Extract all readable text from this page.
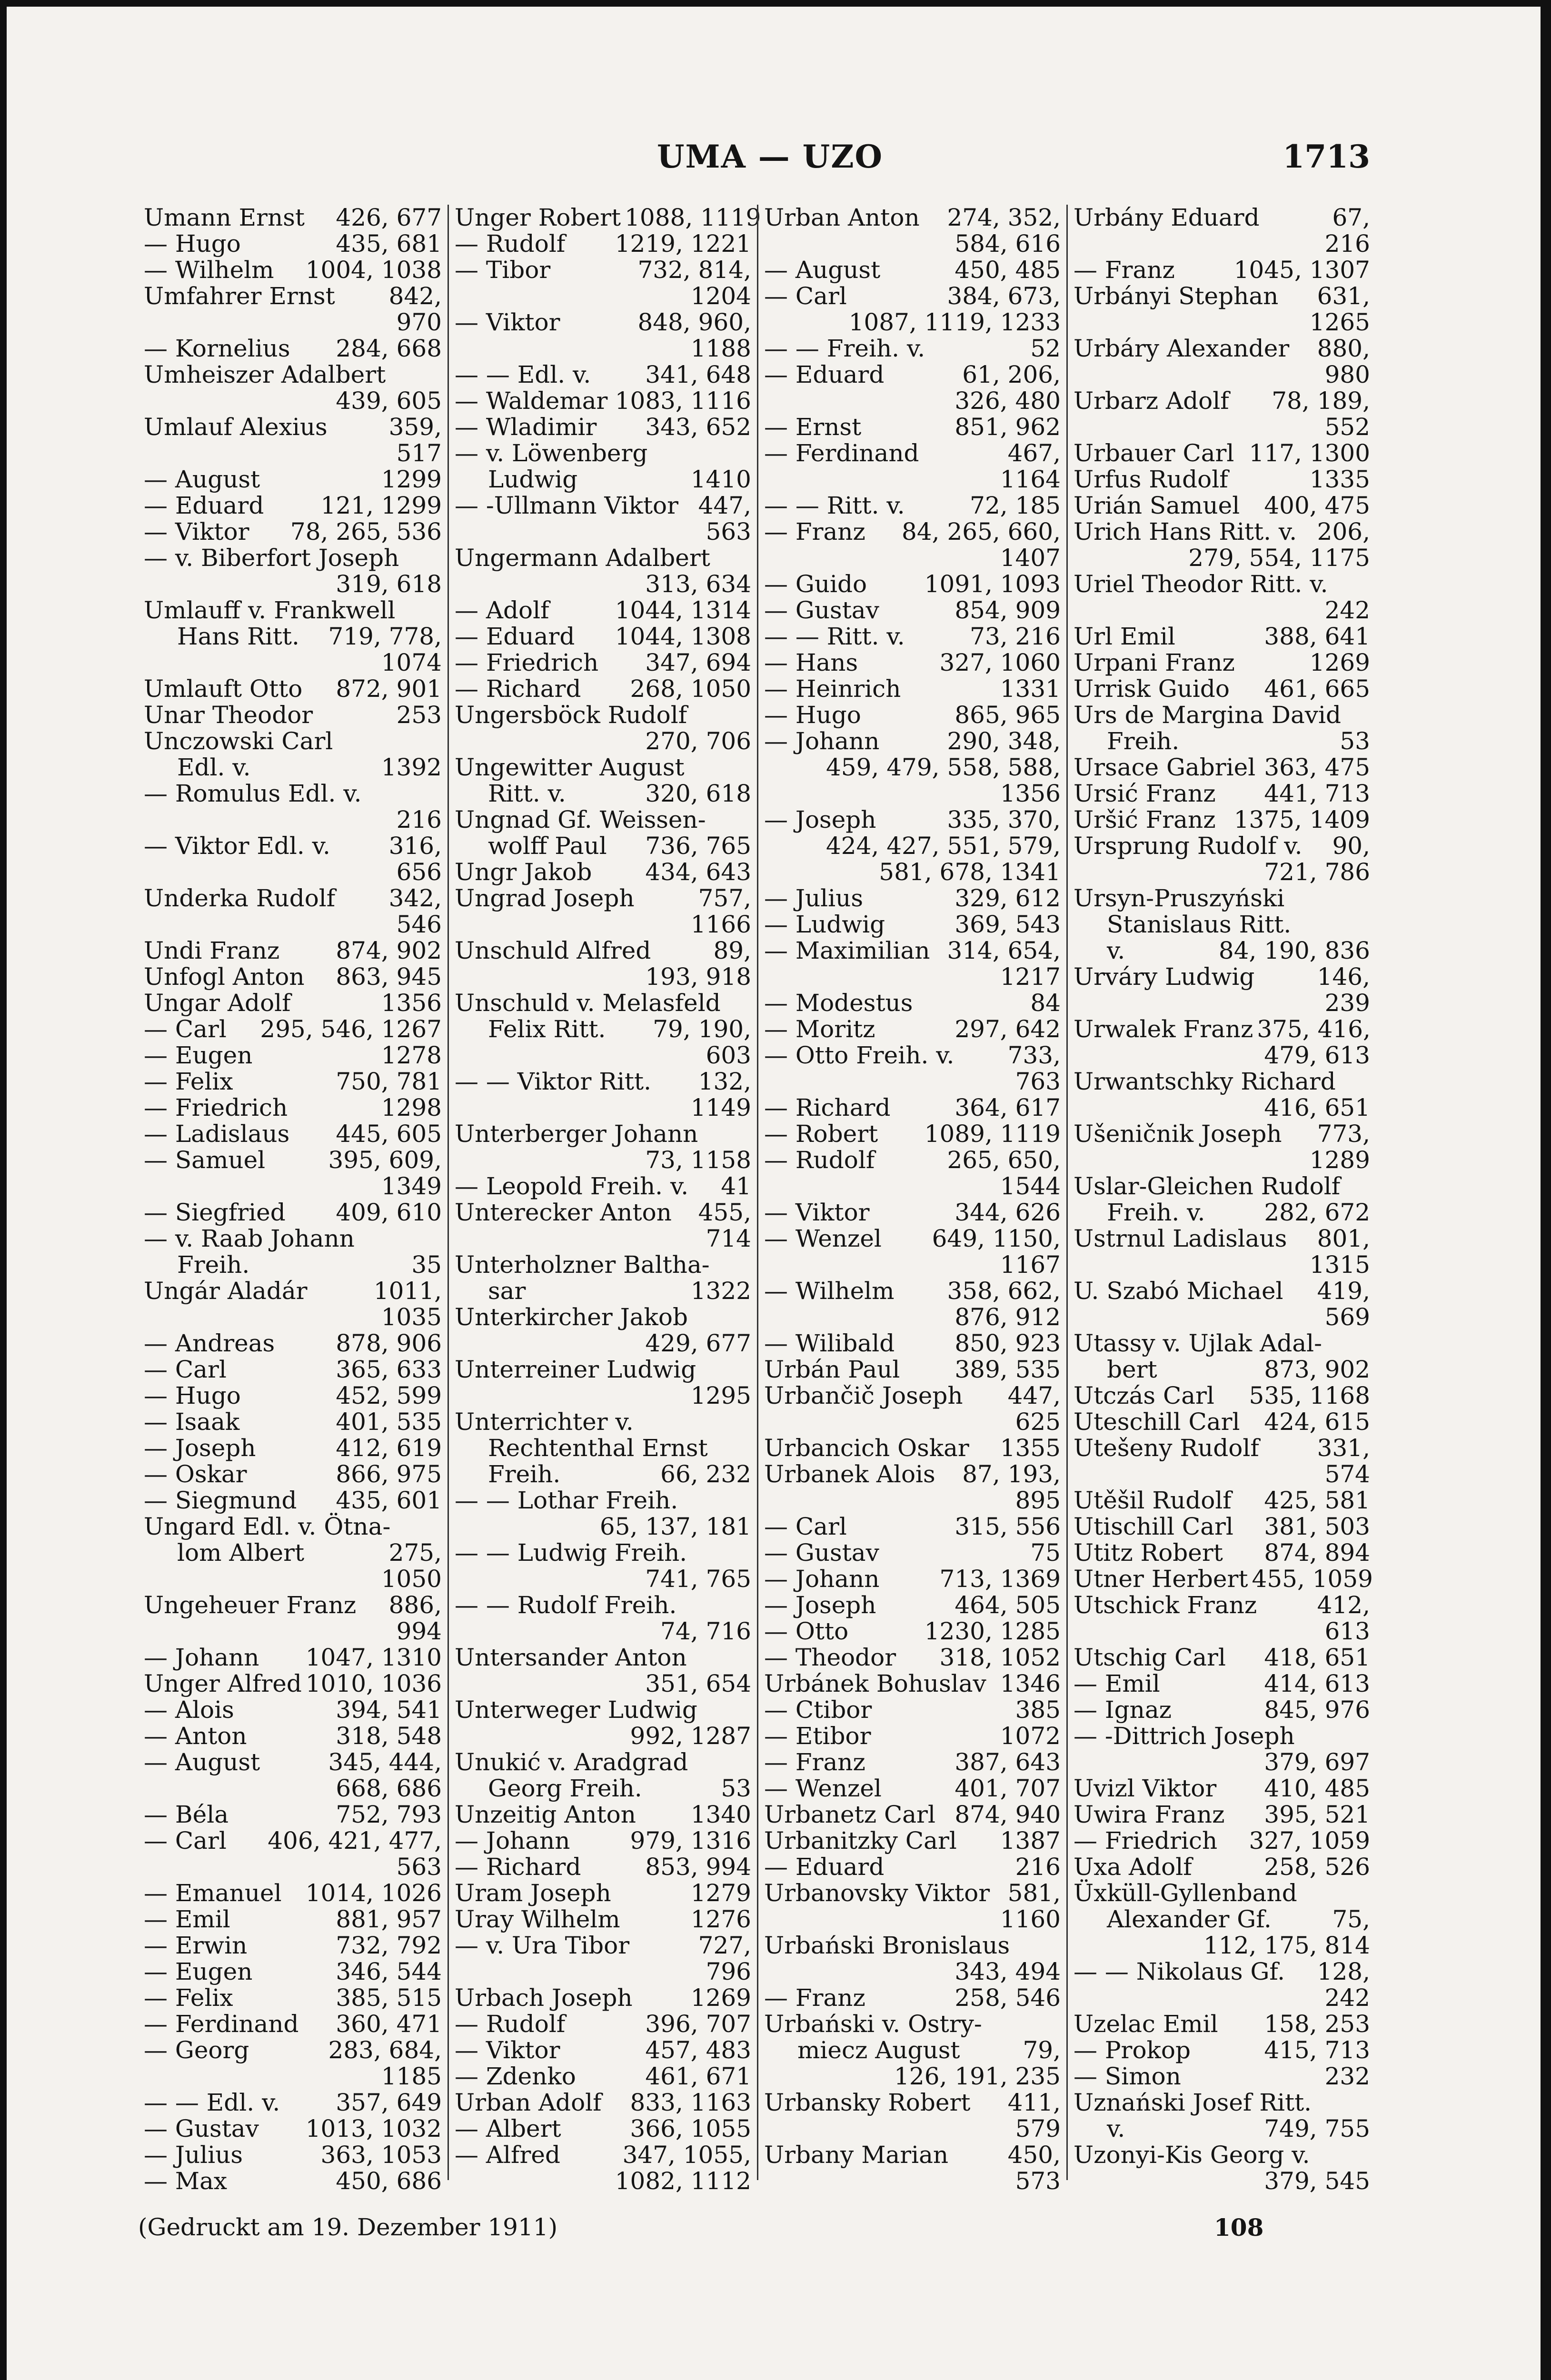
UMA — UZO	1713
Umann Ernst 426, 677
— Hugo	435, 681
— Wilhelm 1004, 1038
Umfahrer Ernst 842,
970
— Kornelius 284, 668
Umheiszer Adalbert
439, 605
Umlauf Alexius	359,
517
— August	1299
— Eduard 121, 1299
— Viktor 78, 265, 536
— v. Biberfort Joseph
319, 618
Umlauff v. Frankwell
Hans Ritt. 719, 778,
1074
Umlauft Otto 872, 901
Unar Theodor	253
Unczowski Carl
Edl. v.	1392
— Romulus Edl. v.
216
— Viktor Edl. v. 316,
656
Underka Rudolf 342,
546
Undi Franz 874, 902
Unfogl Anton 863, 945
Ungar Adolf	1356
— Carl 295, 546, 1267
— Eugen	1278
— Felix	750, 781
— Friedrich	1298
— Ladislaus 445, 605
— Samuel	395, 609,
1349
— Siegfried 409, 610
— v. Raab Johann
Freih.	35
Ungár Aladár	1011,
1035
— Andreas	878, 906
— Carl	365, 633
— Hugo	452, 599
— Isaak	401, 535
— Joseph	412, 619
— Oskar	866, 975
— Siegmund 435, 601
Ungard Edl. v. Ötna-
lom Albert	275,
1050
Ungeheuer Franz 886,
994
— Johann 1047, 1310
Unger Alfred 1010, 1036
— Alois	394, 541
— Anton	318, 548
— August	345, 444,
668, 686
— Béla	752, 793
— Carl 406, 421, 477,
563
— Emanuel 1014, 1026
— Emil	881, 957
— Erwin	732, 792
— Eugen	346, 544
— Felix	385, 515
— Ferdinand 360, 471
— Georg	283, 684,
1185
— — Edl. v. 357, 649
— Gustav 1013, 1032
— Julius	363, 1053
— Max	450, 686
Unger Robert 1088, 1119
— Rudolf 1219, 1221
— Tibor	732, 814,
1204
— Viktor	848, 960,
1188
— — Edl. v. 341, 648
— Waldemar 1083, 1116
— Wladimir 343, 652
— v. Löwenberg
Ludwig	1410
— -Ullmann Viktor 447,
563
Ungermann Adalbert
313, 634
— Adolf	1044, 1314
— Eduard 1044, 1308
— Friedrich 347, 694
— Richard 268, 1050
Ungersböck Rudolf
270, 706
Ungewitter August
Ritt. v.	320, 618
Ungnad Gf. Weissen-
wolff Paul 736, 765
Ungr Jakob 434, 643
Ungrad Joseph	757,
1166
Unschuld Alfred	89,
193, 918
Unschuld v. Melasfeld
Felix Ritt. 79, 190,
603
— — Viktor Ritt. 132,
1149
Unterberger Johann
73, 1158
— Leopold Freih. v. 41
Unterecker Anton 455,
714
Unterholzner Baltha-
sar	1322
Unterkircher Jakob
429, 677
Unterreiner Ludwig
1295
Unterrichter v.
Rechtenthal Ernst
Freih.	66, 232
— — Lothar Freih.
65, 137, 181
— — Ludwig Freih.
741, 765
— — Rudolf Freih.
74, 716
Untersander Anton
351, 654
Unterweger Ludwig
992, 1287
Unukić v. Aradgrad
Georg Freih.	53
Unzeitig Anton 1340
— Johann	979, 1316
— Richard	853, 994
Uram Joseph	1279
Uray Wilhelm	1276
— v. Ura Tibor	727,
796
Urbach Joseph 1269
— Rudolf	396, 707
— Viktor	457, 483
— Zdenko	461, 671
Urban Adolf 833, 1163
— Albert	366, 1055
— Alfred	347, 1055,
1082, 1112
Urban Anton 274, 352,
584, 616
— August	450, 485
— Carl	384, 673,
1087, 1119, 1233
— — Freih. v.	52
— Eduard	61, 206,
326, 480
— Ernst	851, 962
— Ferdinand	467,
1164
— — Ritt. v.	72, 185
— Franz 84, 265, 660,
1407
— Guido 1091, 1093
— Gustav	854, 909
— — Ritt. v.	73, 216
— Hans	327, 1060
— Heinrich	1331
— Hugo	865, 965
— Johann	290, 348,
459, 479, 558, 588,
1356
— Joseph	335, 370,
424, 427, 551, 579,
581, 678, 1341
— Julius	329, 612
— Ludwig	369, 543
— Maximilian 314, 654,
1217
— Modestus	84
— Moritz	297, 642
— Otto Freih. v. 733,
763
— Richard	364, 617
— Robert 1089, 1119
— Rudolf	265, 650,
1544
— Viktor	344, 626
— Wenzel 649, 1150,
1167
— Wilhelm 358, 662,
876, 912
— Wilibald	850, 923
Urbán Paul 389, 535
Urbančič Joseph 447,
625
Urbancich Oskar 1355
Urbanek Alois 87, 193,
895
— Carl	315, 556
— Gustav	75
— Johann	713, 1369
— Joseph	464, 505
— Otto	1230, 1285
— Theodor 318, 1052
Urbánek Bohuslav 1346
— Ctibor	385
— Etibor	1072
— Franz	387, 643
— Wenzel	401, 707
Urbanetz Carl 874, 940
Urbanitzky Carl 1387
— Eduard	216
Urbanovsky Viktor 581,
1160
Urbański Bronislaus
343, 494
— Franz	258, 546
Urbański v. Ostry-
miecz August	79,
126, 191, 235
Urbansky Robert 411,
579
Urbany Marian 450,
573
Urbány Eduard	67,
216
— Franz 1045, 1307
Urbányi Stephan 631,
1265
Urbáry Alexander 880,
980
Urbarz Adolf 78, 189,
552
Urbauer Carl 117, 1300
Urfus Rudolf	1335
Urián Samuel 400, 475
Urich Hans Ritt. v. 206,
279, 554, 1175
Uriel Theodor Ritt. v.
242
Url Emil	388, 641
Urpani Franz	1269
Urrisk Guido 461, 665
Urs de Margina David
Freih.	53
Ursace Gabriel 363, 475
Ursić Franz 441, 713
Uršić Franz 1375, 1409
Ursprung Rudolf v. 90,
721, 786
Ursyn-Pruszyński
Stanislaus Ritt.
v.	84, 190, 836
Urváry Ludwig	146,
239
Urwalek Franz 375, 416,
479, 613
Urwantschky Richard
416, 651
Ušeničnik Joseph 773,
1289
Uslar-Gleichen Rudolf
Freih. v. 282, 672
Ustrnul Ladislaus 801,
1315
U. Szabó Michael 419,
569
Utassy v. Ujlak Adal-
bert	873, 902
Utczás Carl 535, 1168
Uteschill Carl 424, 615
Utešeny Rudolf 331,
574
Utěšil Rudolf 425, 581
Utischill Carl 381, 503
Utitz Robert 874, 894
Utner Herbert 455, 1059
Utschick Franz	412,
613
Utschig Carl 418, 651
— Emil	414, 613
— Ignaz	845, 976
— -Dittrich Joseph
379, 697
Uvizl Viktor 410, 485
Uwira Franz 395, 521
— Friedrich 327, 1059
Uxa Adolf	258, 526
Üxküll-Gyllenband
Alexander Gf.	75,
112, 175, 814
— — Nikolaus Gf. 128,
242
Uzelac Emil 158, 253
— Prokop	415, 713
— Simon	232
Uznański Josef Ritt.
v.	749, 755
Uzonyi-Kis Georg v.
379, 545
(Gedruckt am 19. Dezember 1911)	108
